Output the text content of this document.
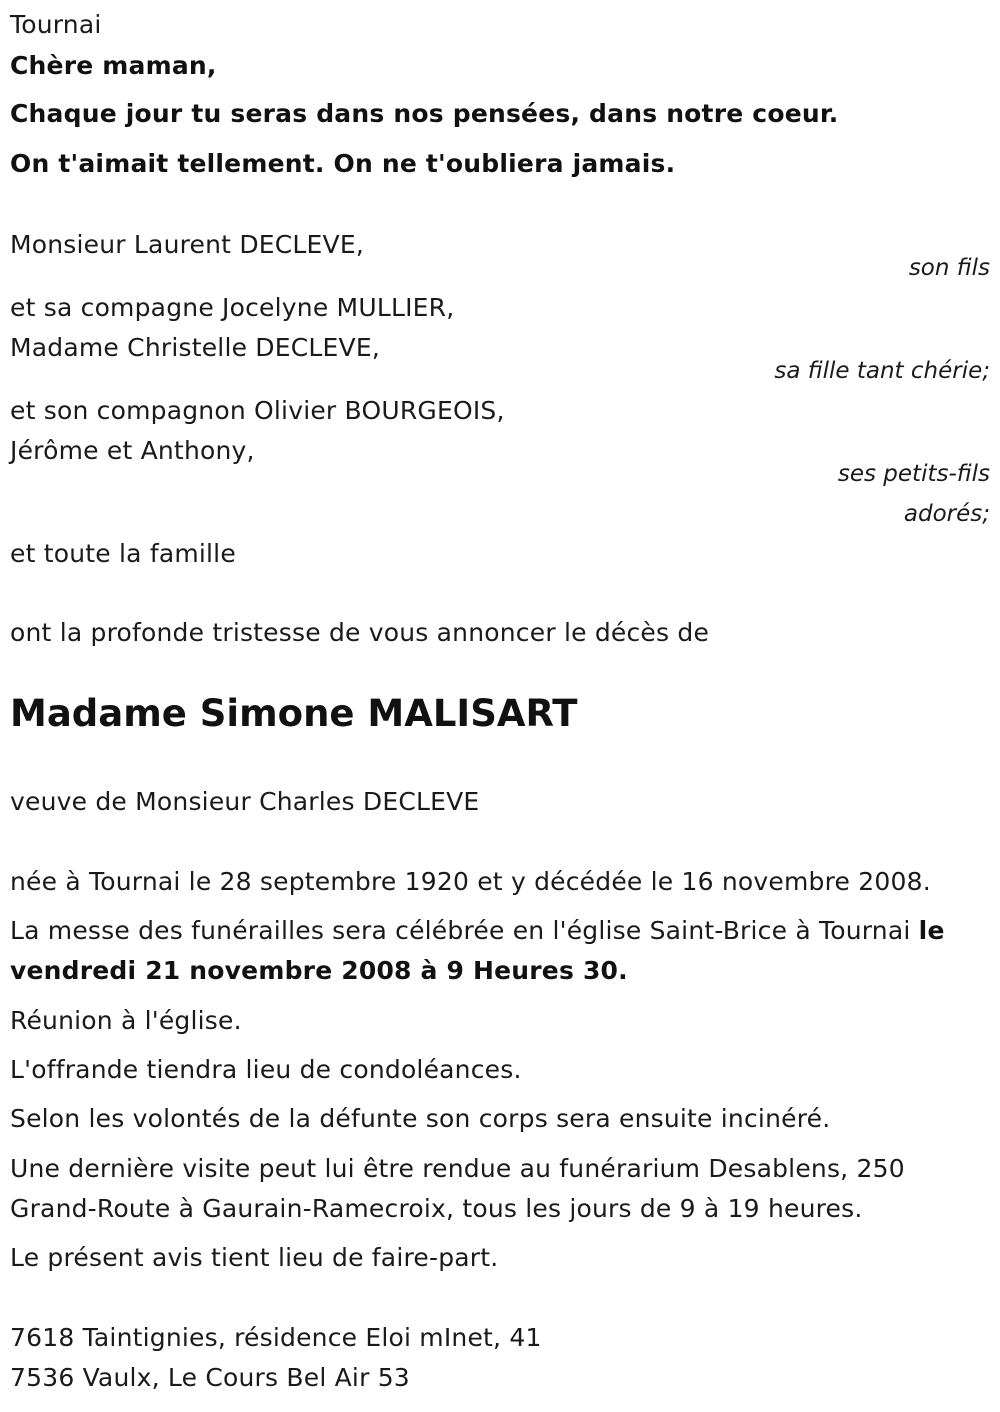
Tournai
Chère maman,
Chaque jour tu seras dans nos pensées, dans notre coeur.
On t'aimait tellement. On ne t'oubliera jamais.
Monsieur Laurent DECLEVE,
son fils
et sa compagne Jocelyne MULLIER,
Madame Christelle DECLEVE,
sa fille tant chérie;
et son compagnon Olivier BOURGEOIS,
Jérôme et Anthony,
ses petits-fils
adorés;
et toute la famille
ont la profonde tristesse de vous annoncer le décès de
Madame Simone MALISART
veuve de Monsieur Charles DECLEVE
née à Tournai le 28 septembre 1920 et y décédée le 16 novembre 2008.
La messe des funérailles sera célébrée en l'église Saint-Brice à Tournai le vendredi 21 novembre 2008 à 9 Heures 30.
Réunion à l'église.
L'offrande tiendra lieu de condoléances.
Selon les volontés de la défunte son corps sera ensuite incinéré.
Une dernière visite peut lui être rendue au funérarium Desablens, 250 Grand-Route à Gaurain-Ramecroix, tous les jours de 9 à 19 heures.
Le présent avis tient lieu de faire-part.
7618 Taintignies, résidence Eloi mInet, 41
7536 Vaulx, Le Cours Bel Air 53
